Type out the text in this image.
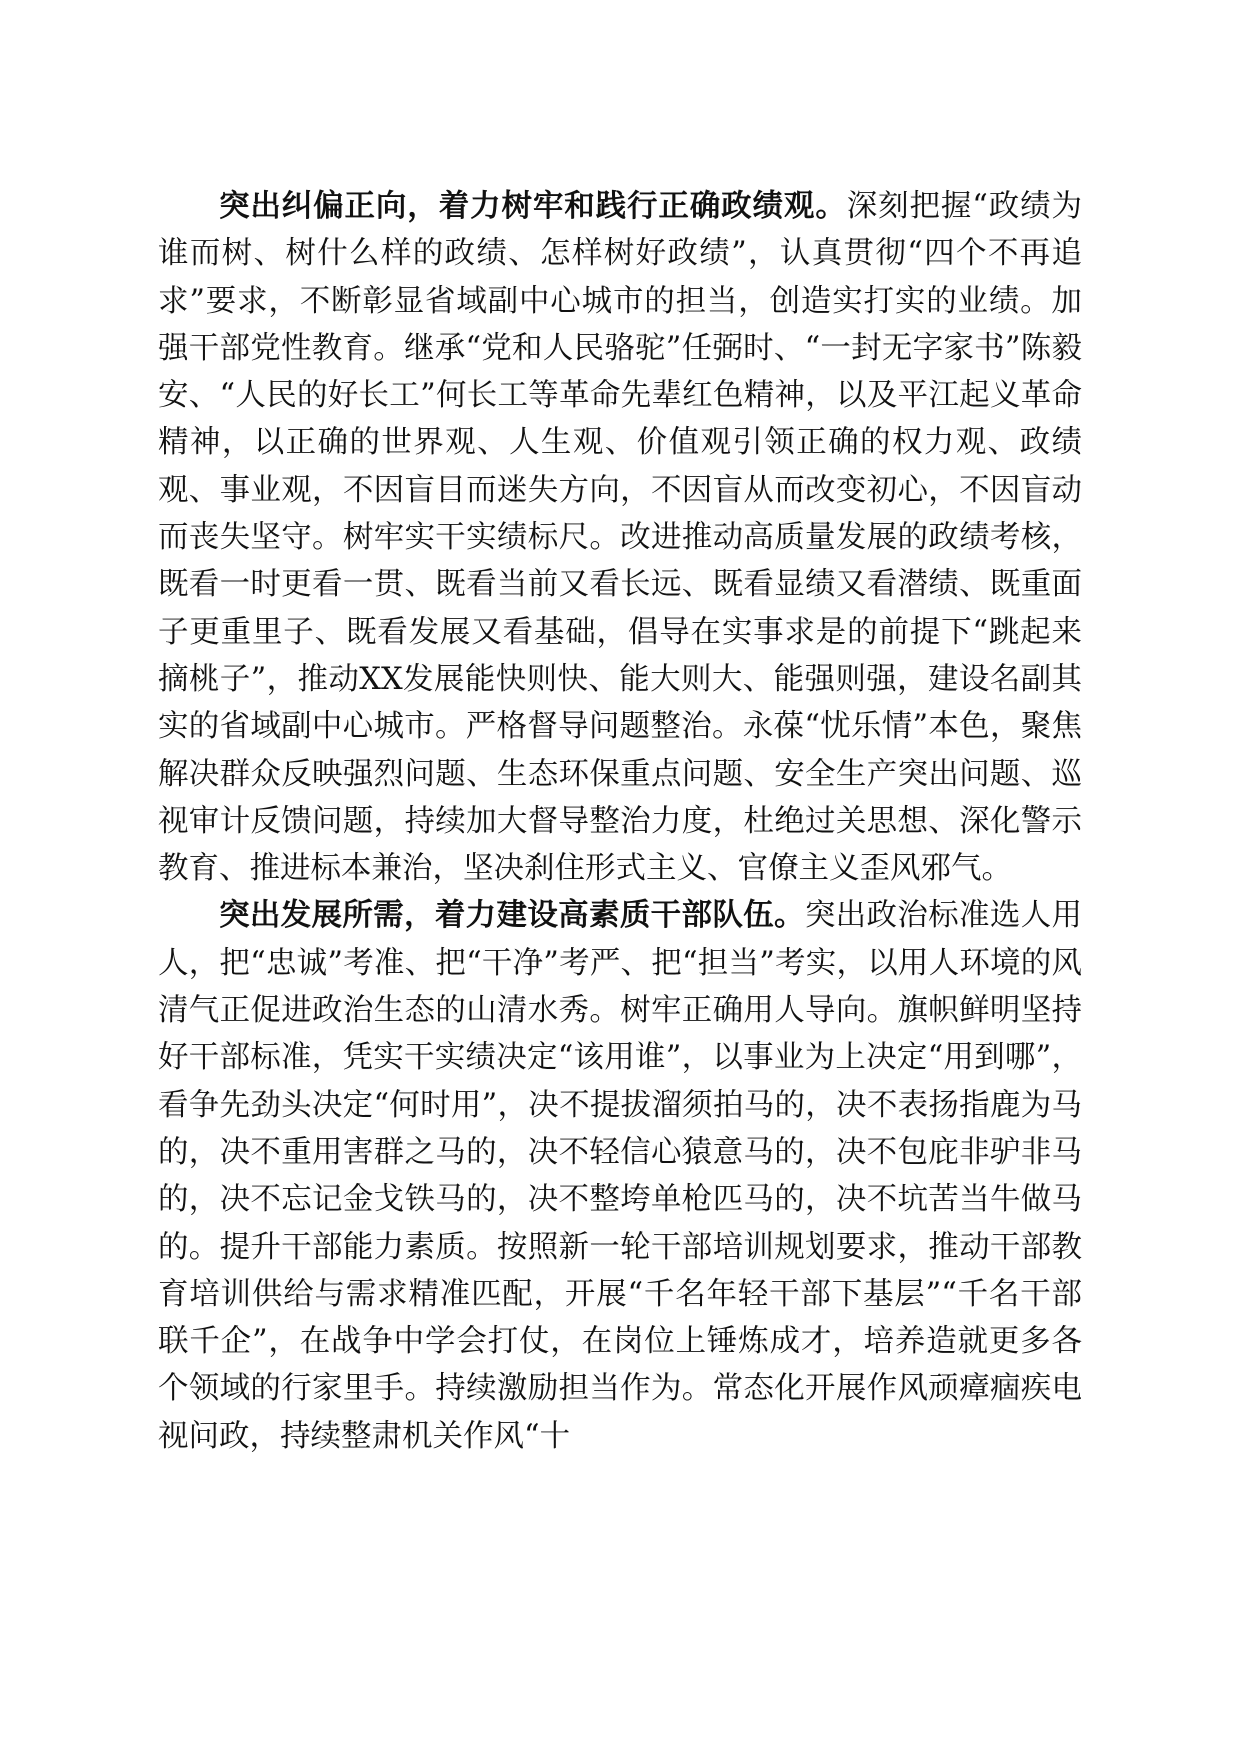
突出纠偏正向，着力树牢和践行正确政绩观。深刻把握“政绩为谁而树、树什么样的政绩、怎样树好政绩”，认真贯彻“四个不再追求”要求，不断彰显省域副中心城市的担当，创造实打实的业绩。加强干部党性教育。继承“党和人民骆驼”任弼时、“一封无字家书”陈毅安、“人民的好长工”何长工等革命先辈红色精神，以及平江起义革命精神，以正确的世界观、人生观、价值观引领正确的权力观、政绩观、事业观，不因盲目而迷失方向，不因盲从而改变初心，不因盲动而丧失坚守。树牢实干实绩标尺。改进推动高质量发展的政绩考核，既看一时更看一贯、既看当前又看长远、既看显绩又看潜绩、既重面子更重里子、既看发展又看基础，倡导在实事求是的前提下“跳起来摘桃子”，推动XX发展能快则快、能大则大、能强则强，建设名副其实的省域副中心城市。严格督导问题整治。永葆“忧乐情”本色，聚焦解决群众反映强烈问题、生态环保重点问题、安全生产突出问题、巡视审计反馈问题，持续加大督导整治力度，杜绝过关思想、深化警示教育、推进标本兼治，坚决刹住形式主义、官僚主义歪风邪气。

突出发展所需，着力建设高素质干部队伍。突出政治标准选人用人，把“忠诚”考准、把“干净”考严、把“担当”考实，以用人环境的风清气正促进政治生态的山清水秀。树牢正确用人导向。旗帜鲜明坚持好干部标准，凭实干实绩决定“该用谁”，以事业为上决定“用到哪”，看争先劲头决定“何时用”，决不提拔溜须拍马的，决不表扬指鹿为马的，决不重用害群之马的，决不轻信心猿意马的，决不包庇非驴非马的，决不忘记金戈铁马的，决不整垮单枪匹马的，决不坑苦当牛做马的。提升干部能力素质。按照新一轮干部培训规划要求，推动干部教育培训供给与需求精准匹配，开展“千名年轻干部下基层”“千名干部联千企”，在战争中学会打仗，在岗位上锤炼成才，培养造就更多各个领域的行家里手。持续激励担当作为。常态化开展作风顽瘴痼疾电视问政，持续整肃机关作风“十
